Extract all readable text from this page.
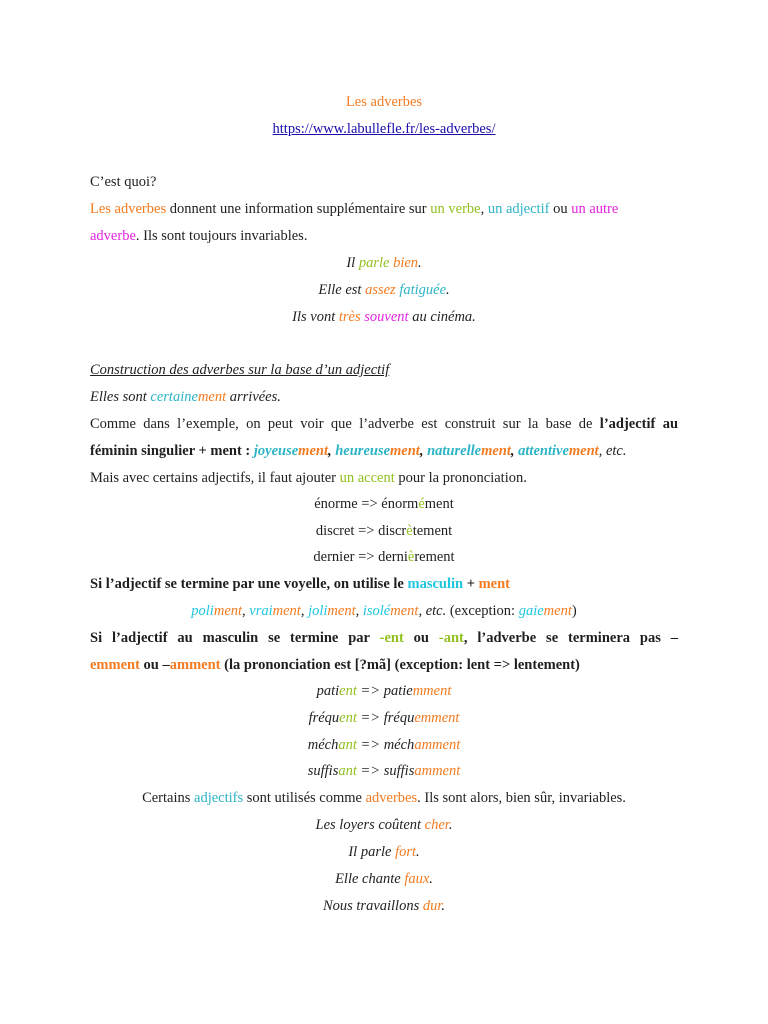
Les adverbes

https://www.labullefle.fr/les-adverbes/

C’est quoi?

Les adverbes donnent une information supplémentaire sur un verbe, un adjectif ou un autre

adverbe. Ils sont toujours invariables.

Il parle bien.

Elle est assez fatiguée.

Ils vont très souvent au cinéma.

Construction des adverbes sur la base d’un adjectif

Elles sont certainement arrivées.

Comme dans l’exemple, on peut voir que l’adverbe est construit sur la base de l’adjectif au

féminin singulier + ment : joyeusement, heureusement, naturellement, attentivement, etc.

Mais avec certains adjectifs, il faut ajouter un accent pour la prononciation.

énorme => énormément

discret => discrètement

dernier => dernièrement

Si l’adjectif se termine par une voyelle, on utilise le masculin + ment

poliment, vraiment, joliment, isolément, etc. (exception: gaiement)

Si l’adjectif au masculin se termine par -ent ou -ant, l’adverbe se terminera pas –

emment ou –amment (la prononciation est [?mã] (exception: lent => lentement)

patient => patiemment

fréquent => fréquemment

méchant => méchamment

suffisant => suffisamment

Certains adjectifs sont utilisés comme adverbes. Ils sont alors, bien sûr, invariables.

Les loyers coûtent cher.

Il parle fort.

Elle chante faux.

Nous travaillons dur.
